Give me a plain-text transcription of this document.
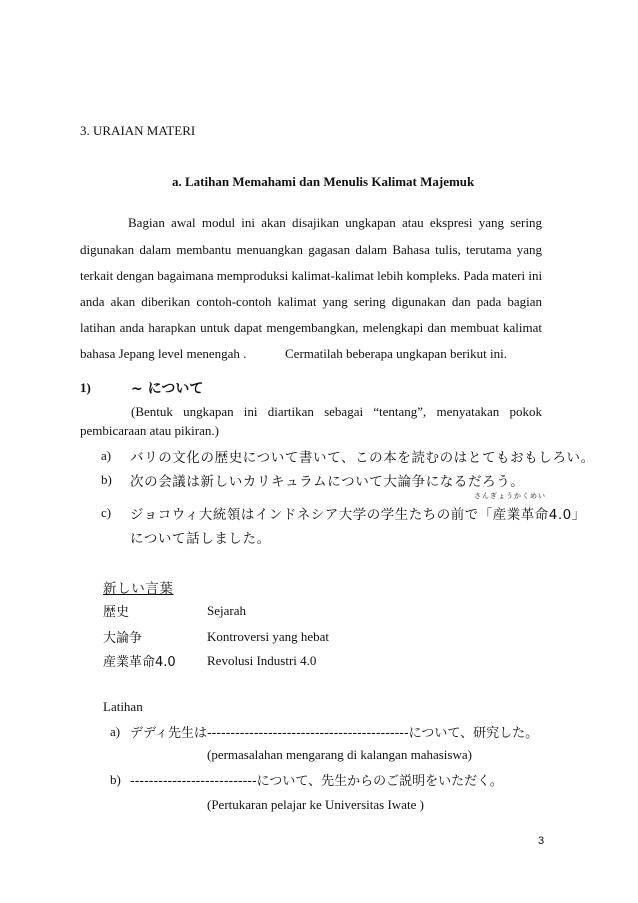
3. URAIAN MATERI
a. Latihan Memahami dan Menulis Kalimat Majemuk
Bagian awal modul ini akan disajikan ungkapan atau ekspresi yang sering
digunakan dalam membantu menuangkan gagasan dalam Bahasa tulis, terutama yang
terkait dengan bagaimana memproduksi kalimat-kalimat lebih kompleks. Pada materi ini
anda akan diberikan contoh-contoh kalimat yang sering digunakan dan pada bagian
latihan anda harapkan untuk dapat mengembangkan, melengkapi dan membuat kalimat
bahasa Jepang level menengah .	Cermatilah beberapa ungkapan berikut ini.
1)	~ について
(Bentuk ungkapan ini diartikan sebagai “tentang”, menyatakan pokok
pembicaraan atau pikiran.)
a) バリの文化の歴史について書いて、この本を読むのはとてもおもしろい。
b) 次の会議は新しいカリキュラムについて大論争になるだろう。
さんぎょうかくめい
c) ジョコウィ大統領はインドネシア大学の学生たちの前で「産業革命4.0」
について話しました。
新しい言葉
歴史	Sejarah
大論争	Kontroversi yang hebat
産業革命4.0 Revolusi Industri 4.0
Latihan
a) デディ先生は-------------------------------------------について、研究した。
(permasalahan mengarang di kalangan mahasiswa)
b) ---------------------------について、先生からのご説明をいただく。
(Pertukaran pelajar ke Universitas Iwate )
3
